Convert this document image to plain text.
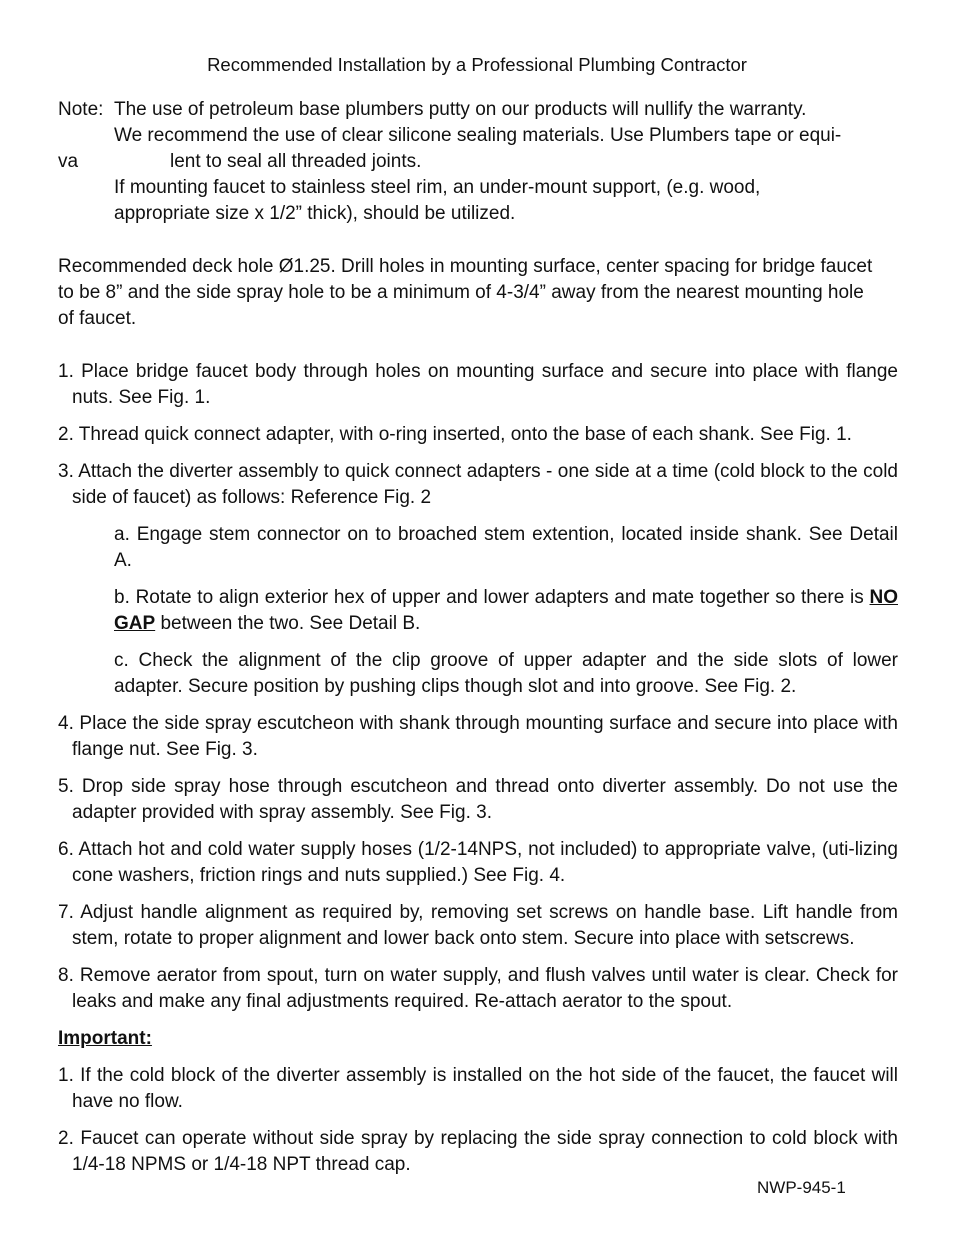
Recommended Installation by a Professional Plumbing Contractor
Note: The use of petroleum base plumbers putty on our products will nullify the warranty.
We recommend the use of clear silicone sealing materials. Use Plumbers tape or equi-
va	lent to seal all threaded joints.
If mounting faucet to stainless steel rim, an under-mount support, (e.g. wood,
appropriate size x 1/2” thick), should be utilized.
Recommended deck hole Ø1.25. Drill holes in mounting surface, center spacing for bridge faucet to be 8” and the side spray hole to be a minimum of 4-3/4” away from the nearest mounting hole of faucet.
1. Place bridge faucet body through holes on mounting surface and secure into place with flange nuts. See Fig. 1.
2. Thread quick connect adapter, with o-ring inserted, onto the base of each shank. See Fig. 1.
3. Attach the diverter assembly to quick connect adapters - one side at a time (cold block to the cold side of faucet) as follows: Reference Fig. 2
a. Engage stem connector on to broached stem extention, located inside shank. See Detail A.
b. Rotate to align exterior hex of upper and lower adapters and mate together so there is NO GAP between the two. See Detail B.
c. Check the alignment of the clip groove of upper adapter and the side slots of lower adapter. Secure position by pushing clips though slot and into groove. See Fig. 2.
4. Place the side spray escutcheon with shank through mounting surface and secure into place with flange nut. See Fig. 3.
5. Drop side spray hose through escutcheon and thread onto diverter assembly. Do not use the adapter provided with spray assembly. See Fig. 3.
6. Attach hot and cold water supply hoses (1/2-14NPS, not included) to appropriate valve, (uti-lizing cone washers, friction rings and nuts supplied.) See Fig. 4.
7. Adjust handle alignment as required by, removing set screws on handle base. Lift handle from stem, rotate to proper alignment and lower back onto stem. Secure into place with setscrews.
8. Remove aerator from spout, turn on water supply, and flush valves until water is clear. Check for leaks and make any final adjustments required. Re-attach aerator to the spout.
Important:
1. If the cold block of the diverter assembly is installed on the hot side of the faucet, the faucet will have no flow.
2. Faucet can operate without side spray by replacing the side spray connection to cold block with 1/4-18 NPMS or 1/4-18 NPT thread cap.
NWP-945-1
